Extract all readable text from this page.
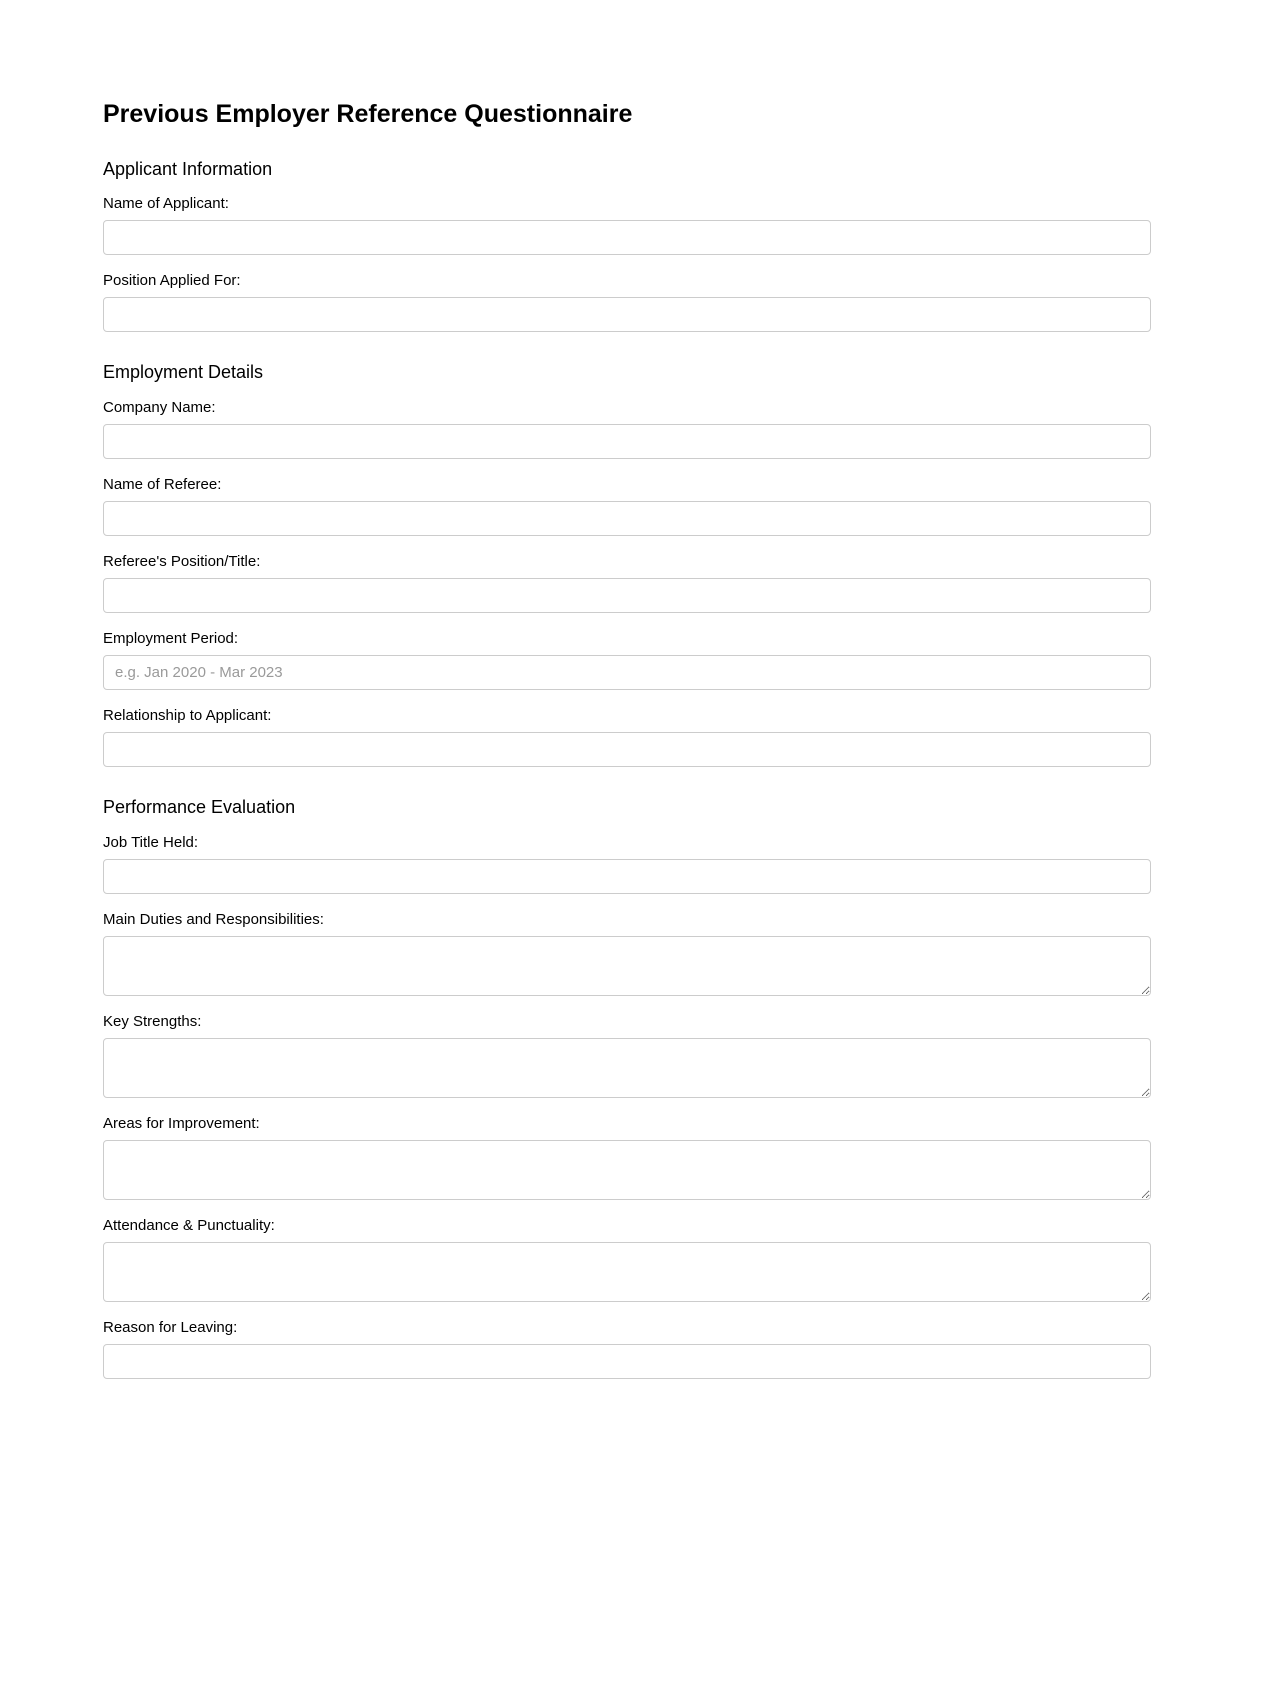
Previous Employer Reference Questionnaire
Applicant Information
Name of Applicant:
Position Applied For:
Employment Details
Company Name:
Name of Referee:
Referee's Position/Title:
Employment Period:
e.g. Jan 2020 - Mar 2023
Relationship to Applicant:
Performance Evaluation
Job Title Held:
Main Duties and Responsibilities:
Key Strengths:
Areas for Improvement:
Attendance & Punctuality:
Reason for Leaving:
